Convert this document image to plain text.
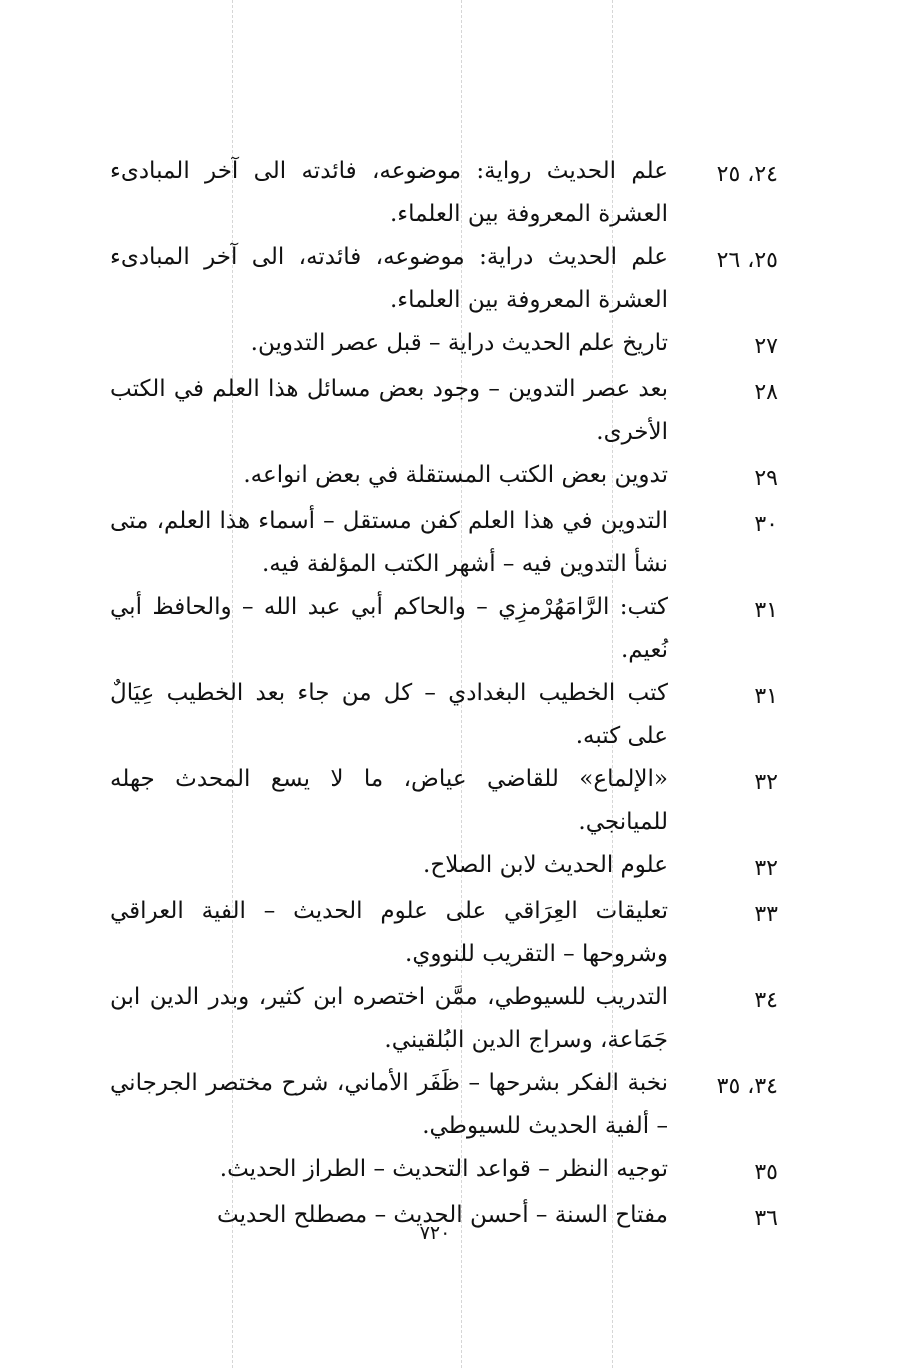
٢٤، ٢٥
علم الحديث رواية: موضوعه، فائدته الى آخر المبادىء العشرة المعروفة بين العلماء.
٢٥، ٢٦
علم الحديث دراية: موضوعه، فائدته، الى آخر المبادىء العشرة المعروفة بين العلماء.
٢٧
تاريخ علم الحديث دراية – قبل عصر التدوين.
٢٨
بعد عصر التدوين – وجود بعض مسائل هذا العلم في الكتب الأخرى.
٢٩
تدوين بعض الكتب المستقلة في بعض انواعه.
٣٠
التدوين في هذا العلم كفن مستقل – أسماء هذا العلم، متى نشأ التدوين فيه – أشهر الكتب المؤلفة فيه.
٣١
كتب: الرَّامَهُرْمزِي – والحاكم أبي عبد الله – والحافظ أبي نُعيم.
٣١
كتب الخطيب البغدادي – كل من جاء بعد الخطيب عِيَالٌ على كتبه.
٣٢
«الإلماع» للقاضي عياض، ما لا يسع المحدث جهله للميانجي.
٣٢
علوم الحديث لابن الصلاح.
٣٣
تعليقات العِرَاقي على علوم الحديث – الفية العراقي وشروحها – التقريب للنووي.
٣٤
التدريب للسيوطي، ممَّن اختصره ابن كثير، وبدر الدين ابن جَمَاعة، وسراج الدين البُلقيني.
٣٤، ٣٥
نخبة الفكر بشرحها – ظَفَر الأماني، شرح مختصر الجرجاني – ألفية الحديث للسيوطي.
٣٥
توجيه النظر – قواعد التحديث – الطراز الحديث.
٣٦
مفتاح السنة – أحسن الحديث – مصطلح الحديث
٧٢٠
